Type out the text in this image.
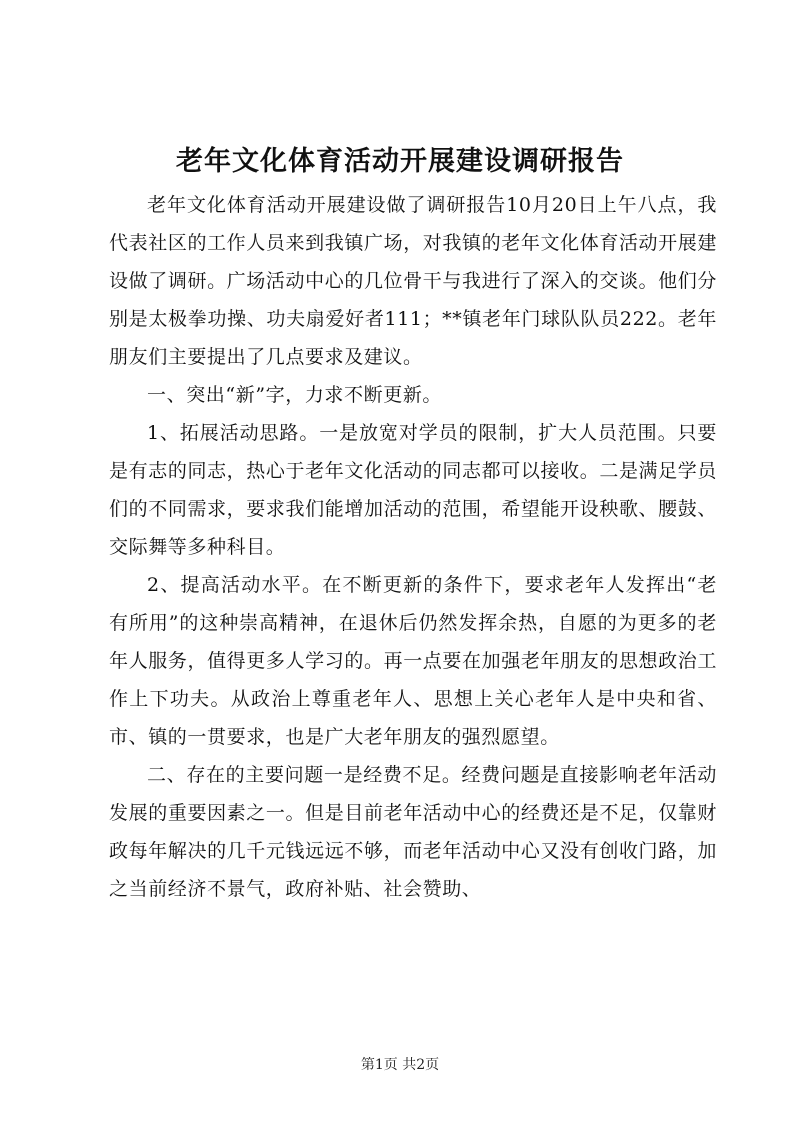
老年文化体育活动开展建设调研报告

老年文化体育活动开展建设做了调研报告10月20日上午八点，我代表社区的工作人员来到我镇广场，对我镇的老年文化体育活动开展建设做了调研。广场活动中心的几位骨干与我进行了深入的交谈。他们分别是太极拳功操、功夫扇爱好者111；**镇老年门球队队员222。老年朋友们主要提出了几点要求及建议。

一、突出“新”字，力求不断更新。

1、拓展活动思路。一是放宽对学员的限制，扩大人员范围。只要是有志的同志，热心于老年文化活动的同志都可以接收。二是满足学员们的不同需求，要求我们能增加活动的范围，希望能开设秧歌、腰鼓、交际舞等多种科目。

2、提高活动水平。在不断更新的条件下，要求老年人发挥出“老有所用”的这种崇高精神，在退休后仍然发挥余热，自愿的为更多的老年人服务，值得更多人学习的。再一点要在加强老年朋友的思想政治工作上下功夫。从政治上尊重老年人、思想上关心老年人是中央和省、市、镇的一贯要求，也是广大老年朋友的强烈愿望。

二、存在的主要问题一是经费不足。经费问题是直接影响老年活动发展的重要因素之一。但是目前老年活动中心的经费还是不足，仅靠财政每年解决的几千元钱远远不够，而老年活动中心又没有创收门路，加之当前经济不景气，政府补贴、社会赞助、

第1页 共2页
